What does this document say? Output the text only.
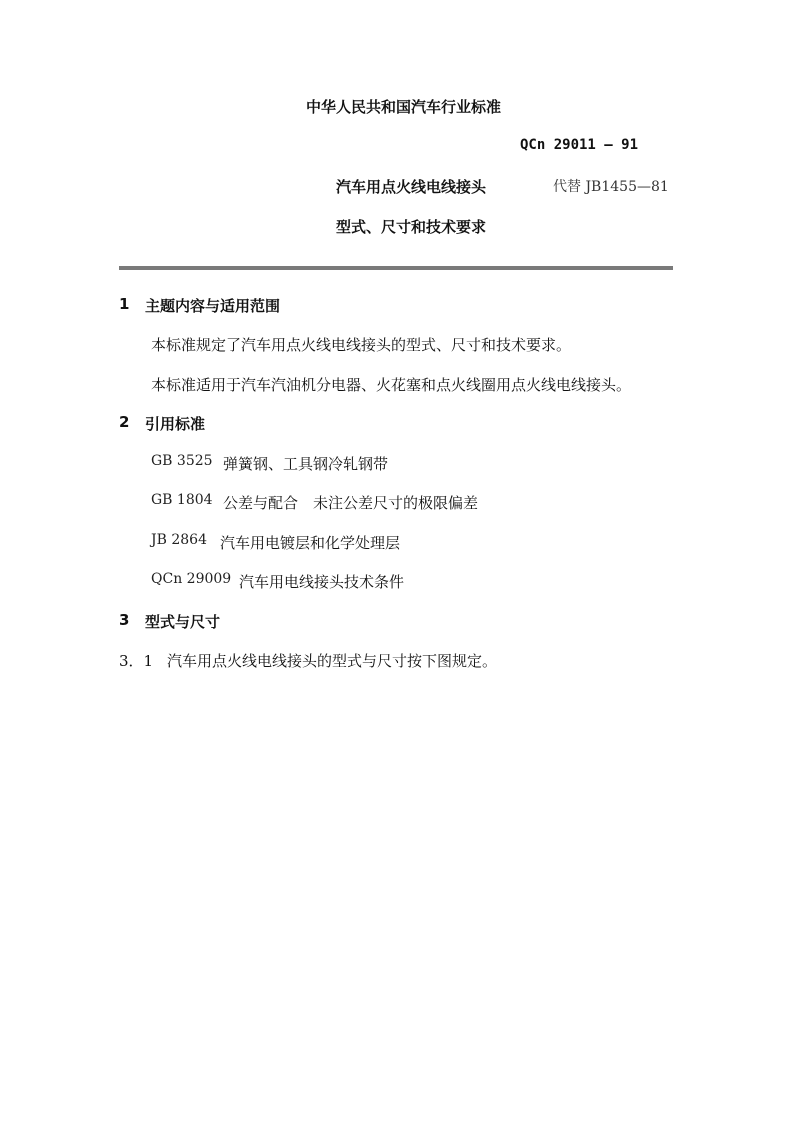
中华人民共和国汽车行业标准
QCn 29011 — 91
汽车用点火线电线接头	代替 JB1455—81
型式、尺寸和技术要求
1 主题内容与适用范围
本标准规定了汽车用点火线电线接头的型式、尺寸和技术要求。
本标准适用于汽车汽油机分电器、火花塞和点火线圈用点火线电线接头。
2 引用标准
GB 3525 弹簧钢、工具钢冷轧钢带
GB 1804 公差与配合　未注公差尺寸的极限偏差
JB 2864 汽车用电镀层和化学处理层
QCn 29009 汽车用电线接头技术条件
3 型式与尺寸
3．1 汽车用点火线电线接头的型式与尺寸按下图规定。
